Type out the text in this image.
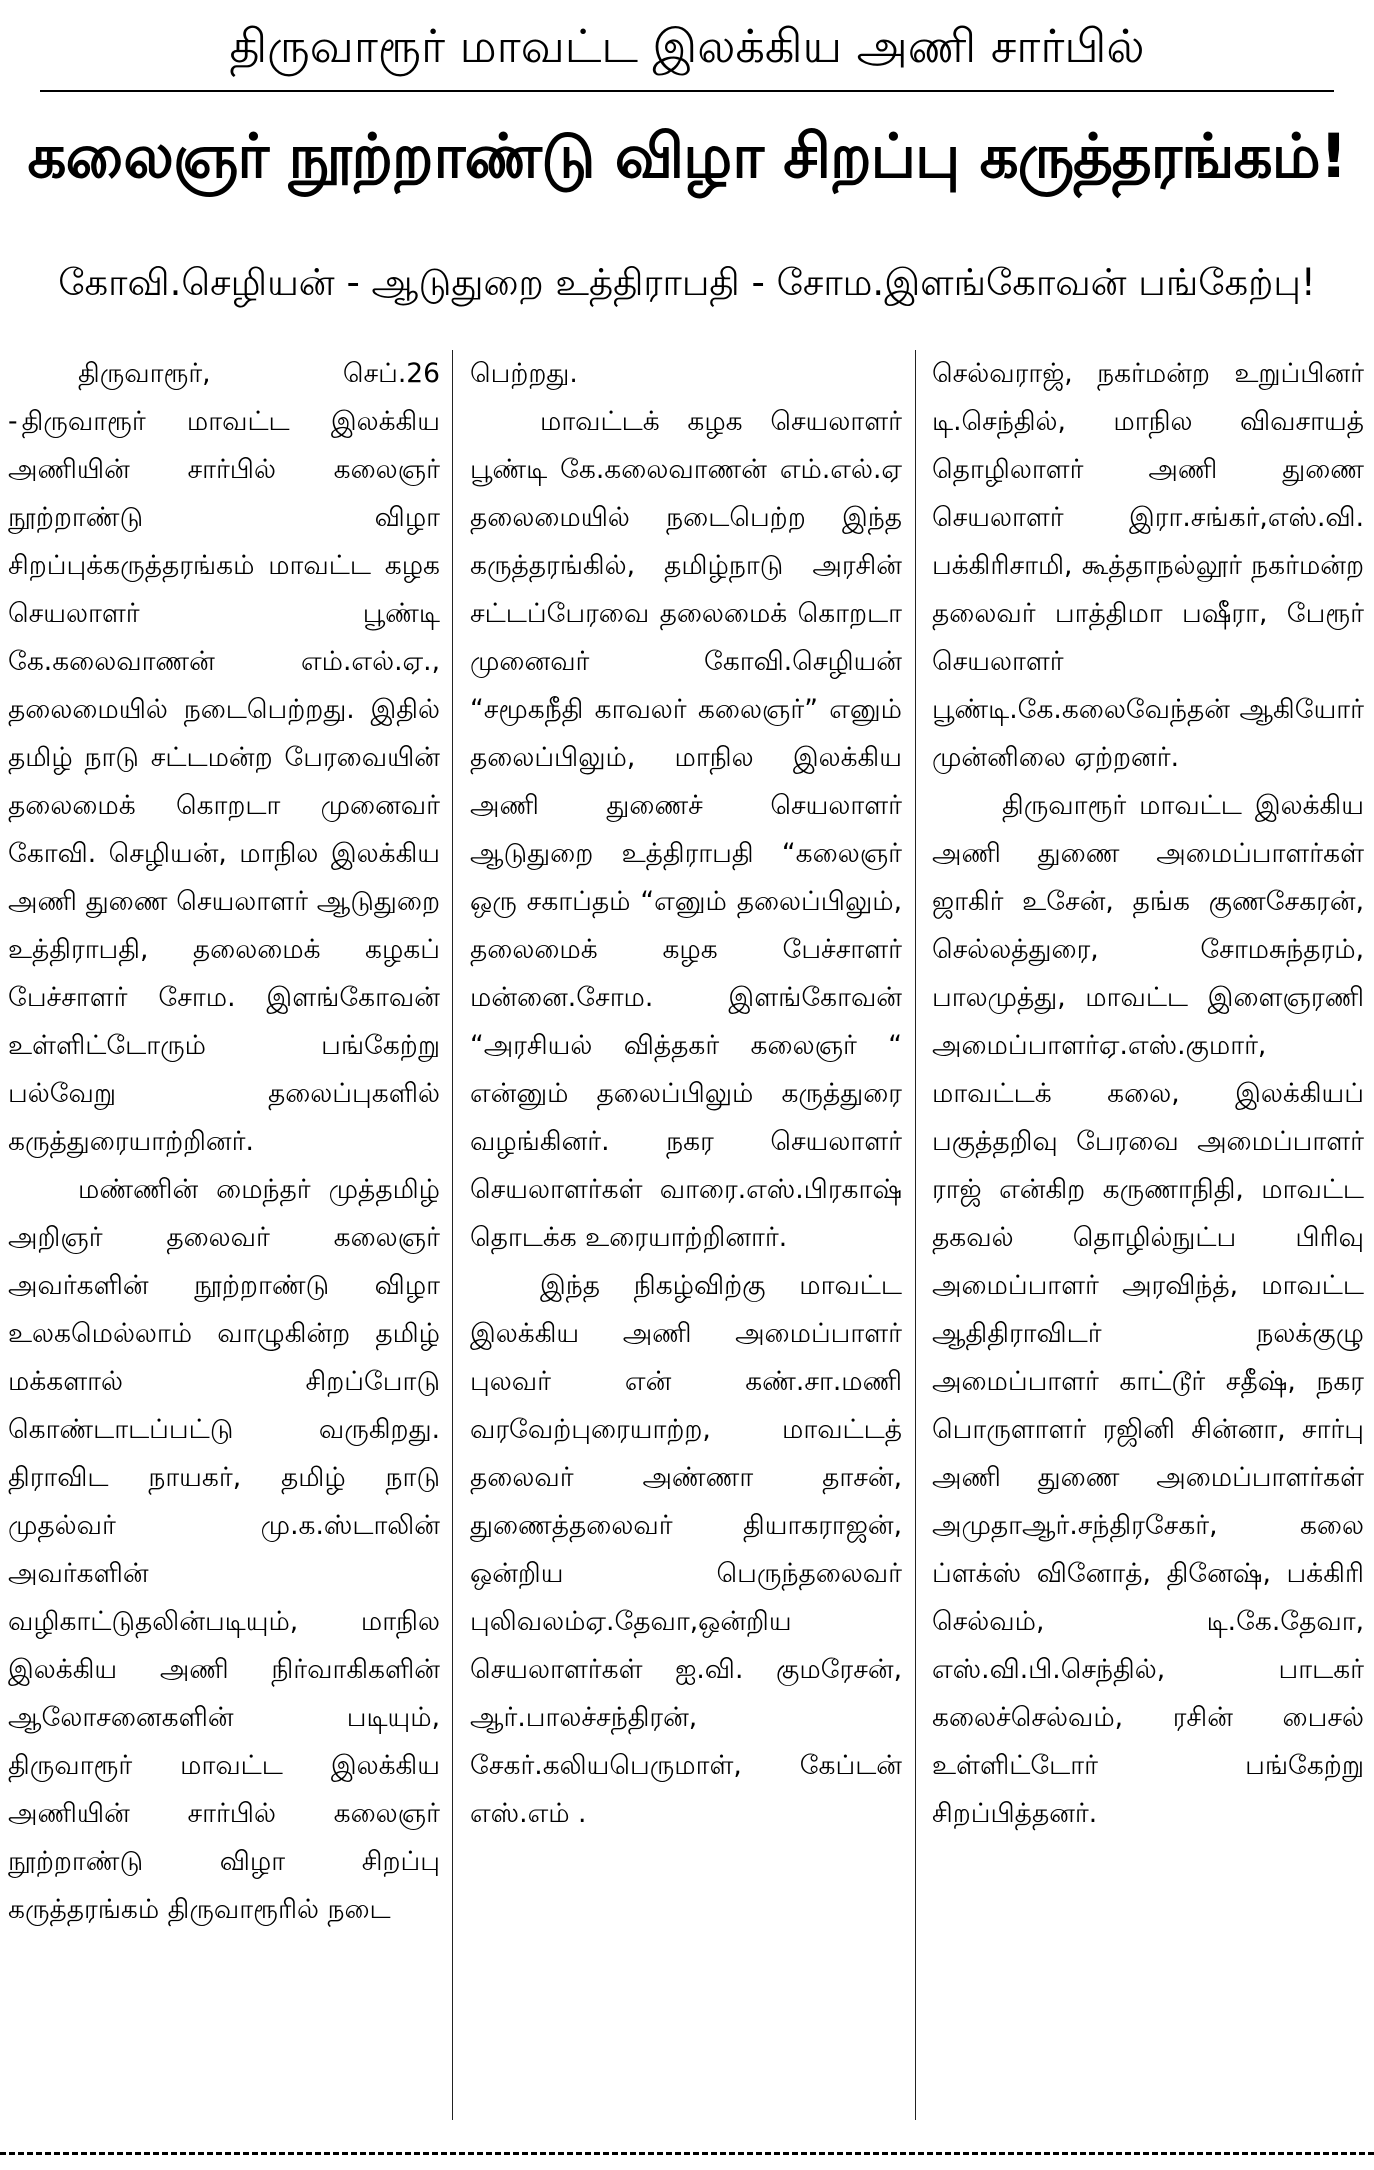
திருவாரூர் மாவட்ட இலக்கிய அணி சார்பில்
கலைஞர் நூற்றாண்டு விழா சிறப்பு கருத்தரங்கம்!
கோவி.செழியன் - ஆடுதுறை உத்திராபதி - சோம.இளங்கோவன் பங்கேற்பு!

திருவாரூர், செப்.26 - திருவாரூர் மாவட்ட இலக்கிய அணியின் சார்பில் கலைஞர் நூற்றாண்டு விழா சிறப்புக்கருத்தரங்கம் மாவட்ட கழக செயலாளர் பூண்டி கே.கலைவாணன் எம்.எல்.ஏ., தலைமையில் நடைபெற்றது. இதில் தமிழ் நாடு சட்டமன்ற பேரவையின் தலைமைக் கொறடா முனைவர் கோவி. செழியன், மாநில இலக்கிய அணி துணை செயலாளர் ஆடுதுறை உத்திராபதி, தலைமைக் கழகப் பேச்சாளர் சோம. இளங்கோவன் உள்ளிட்டோரும் பங்கேற்று பல்வேறு தலைப்புகளில் கருத்துரையாற்றினர்.

மண்ணின் மைந்தர் முத்தமிழ் அறிஞர் தலைவர் கலைஞர் அவர்களின் நூற்றாண்டு விழா உலகமெல்லாம் வாழுகின்ற தமிழ் மக்களால் சிறப்போடு கொண்டாடப்பட்டு வருகிறது. திராவிட நாயகர், தமிழ் நாடு முதல்வர் மு.க.ஸ்டாலின் அவர்களின் வழிகாட்டுதலின்படியும், மாநில இலக்கிய அணி நிர்வாகிகளின் ஆலோசனைகளின் படியும், திருவாரூர் மாவட்ட இலக்கிய அணியின் சார்பில் கலைஞர் நூற்றாண்டு விழா சிறப்பு கருத்தரங்கம் திருவாரூரில் நடை

பெற்றது.

மாவட்டக் கழக செயலாளர் பூண்டி கே.கலைவாணன் எம்.எல்.ஏ தலைமையில் நடைபெற்ற இந்த கருத்தரங்கில், தமிழ்நாடு அரசின் சட்டப்பேரவை தலைமைக் கொறடா முனைவர் கோவி.செழியன் “சமூகநீதி காவலர் கலைஞர்” எனும் தலைப்பிலும், மாநில இலக்கிய அணி துணைச் செயலாளர் ஆடுதுறை உத்திராபதி “கலைஞர் ஒரு சகாப்தம் “எனும் தலைப்பிலும், தலைமைக் கழக பேச்சாளர் மன்னை.சோம. இளங்கோவன் “அரசியல் வித்தகர் கலைஞர் “ என்னும் தலைப்பிலும் கருத்துரை வழங்கினர். நகர செயலாளர் செயலாளர்கள் வாரை.எஸ்.பிரகாஷ் தொடக்க உரையாற்றினார்.

இந்த நிகழ்விற்கு மாவட்ட இலக்கிய அணி அமைப்பாளர் புலவர் என் கண்.சா.மணி வரவேற்புரையாற்ற, மாவட்டத் தலைவர் அண்ணா தாசன், துணைத்தலைவர் தியாகராஜன், ஒன்றிய பெருந்தலைவர் புலிவலம்ஏ.தேவா,ஒன்றிய செயலாளர்கள் ஐ.வி. குமரேசன், ஆர்.பாலச்சந்திரன், சேகர்.கலியபெருமாள், கேப்டன் எஸ்.எம் .

செல்வராஜ், நகர்மன்ற உறுப்பினர் டி.செந்தில், மாநில விவசாயத் தொழிலாளர் அணி துணை செயலாளர் இரா.சங்கர்,எஸ்.வி. பக்கிரிசாமி, கூத்தாநல்லூர் நகர்மன்ற தலைவர் பாத்திமா பஷீரா, பேரூர் செயலாளர் பூண்டி.கே.கலைவேந்தன் ஆகியோர் முன்னிலை ஏற்றனர்.

திருவாரூர் மாவட்ட இலக்கிய அணி துணை அமைப்பாளர்கள் ஜாகிர் உசேன், தங்க குணசேகரன், செல்லத்துரை, சோமசுந்தரம், பாலமுத்து, மாவட்ட இளைஞரணி அமைப்பாளர்ஏ.எஸ்.குமார், மாவட்டக் கலை, இலக்கியப் பகுத்தறிவு பேரவை அமைப்பாளர் ராஜ் என்கிற கருணாநிதி, மாவட்ட தகவல் தொழில்நுட்ப பிரிவு அமைப்பாளர் அரவிந்த், மாவட்ட ஆதிதிராவிடர் நலக்குழு அமைப்பாளர் காட்டூர் சதீஷ், நகர பொருளாளர் ரஜினி சின்னா, சார்பு அணி துணை அமைப்பாளர்கள் அமுதாஆர்.சந்திரசேகர், கலை ப்ளக்ஸ் வினோத், தினேஷ், பக்கிரி செல்வம், டி.கே.தேவா, எஸ்.வி.பி.செந்தில், பாடகர் கலைச்செல்வம், ரசின் பைசல் உள்ளிட்டோர் பங்கேற்று சிறப்பித்தனர்.
